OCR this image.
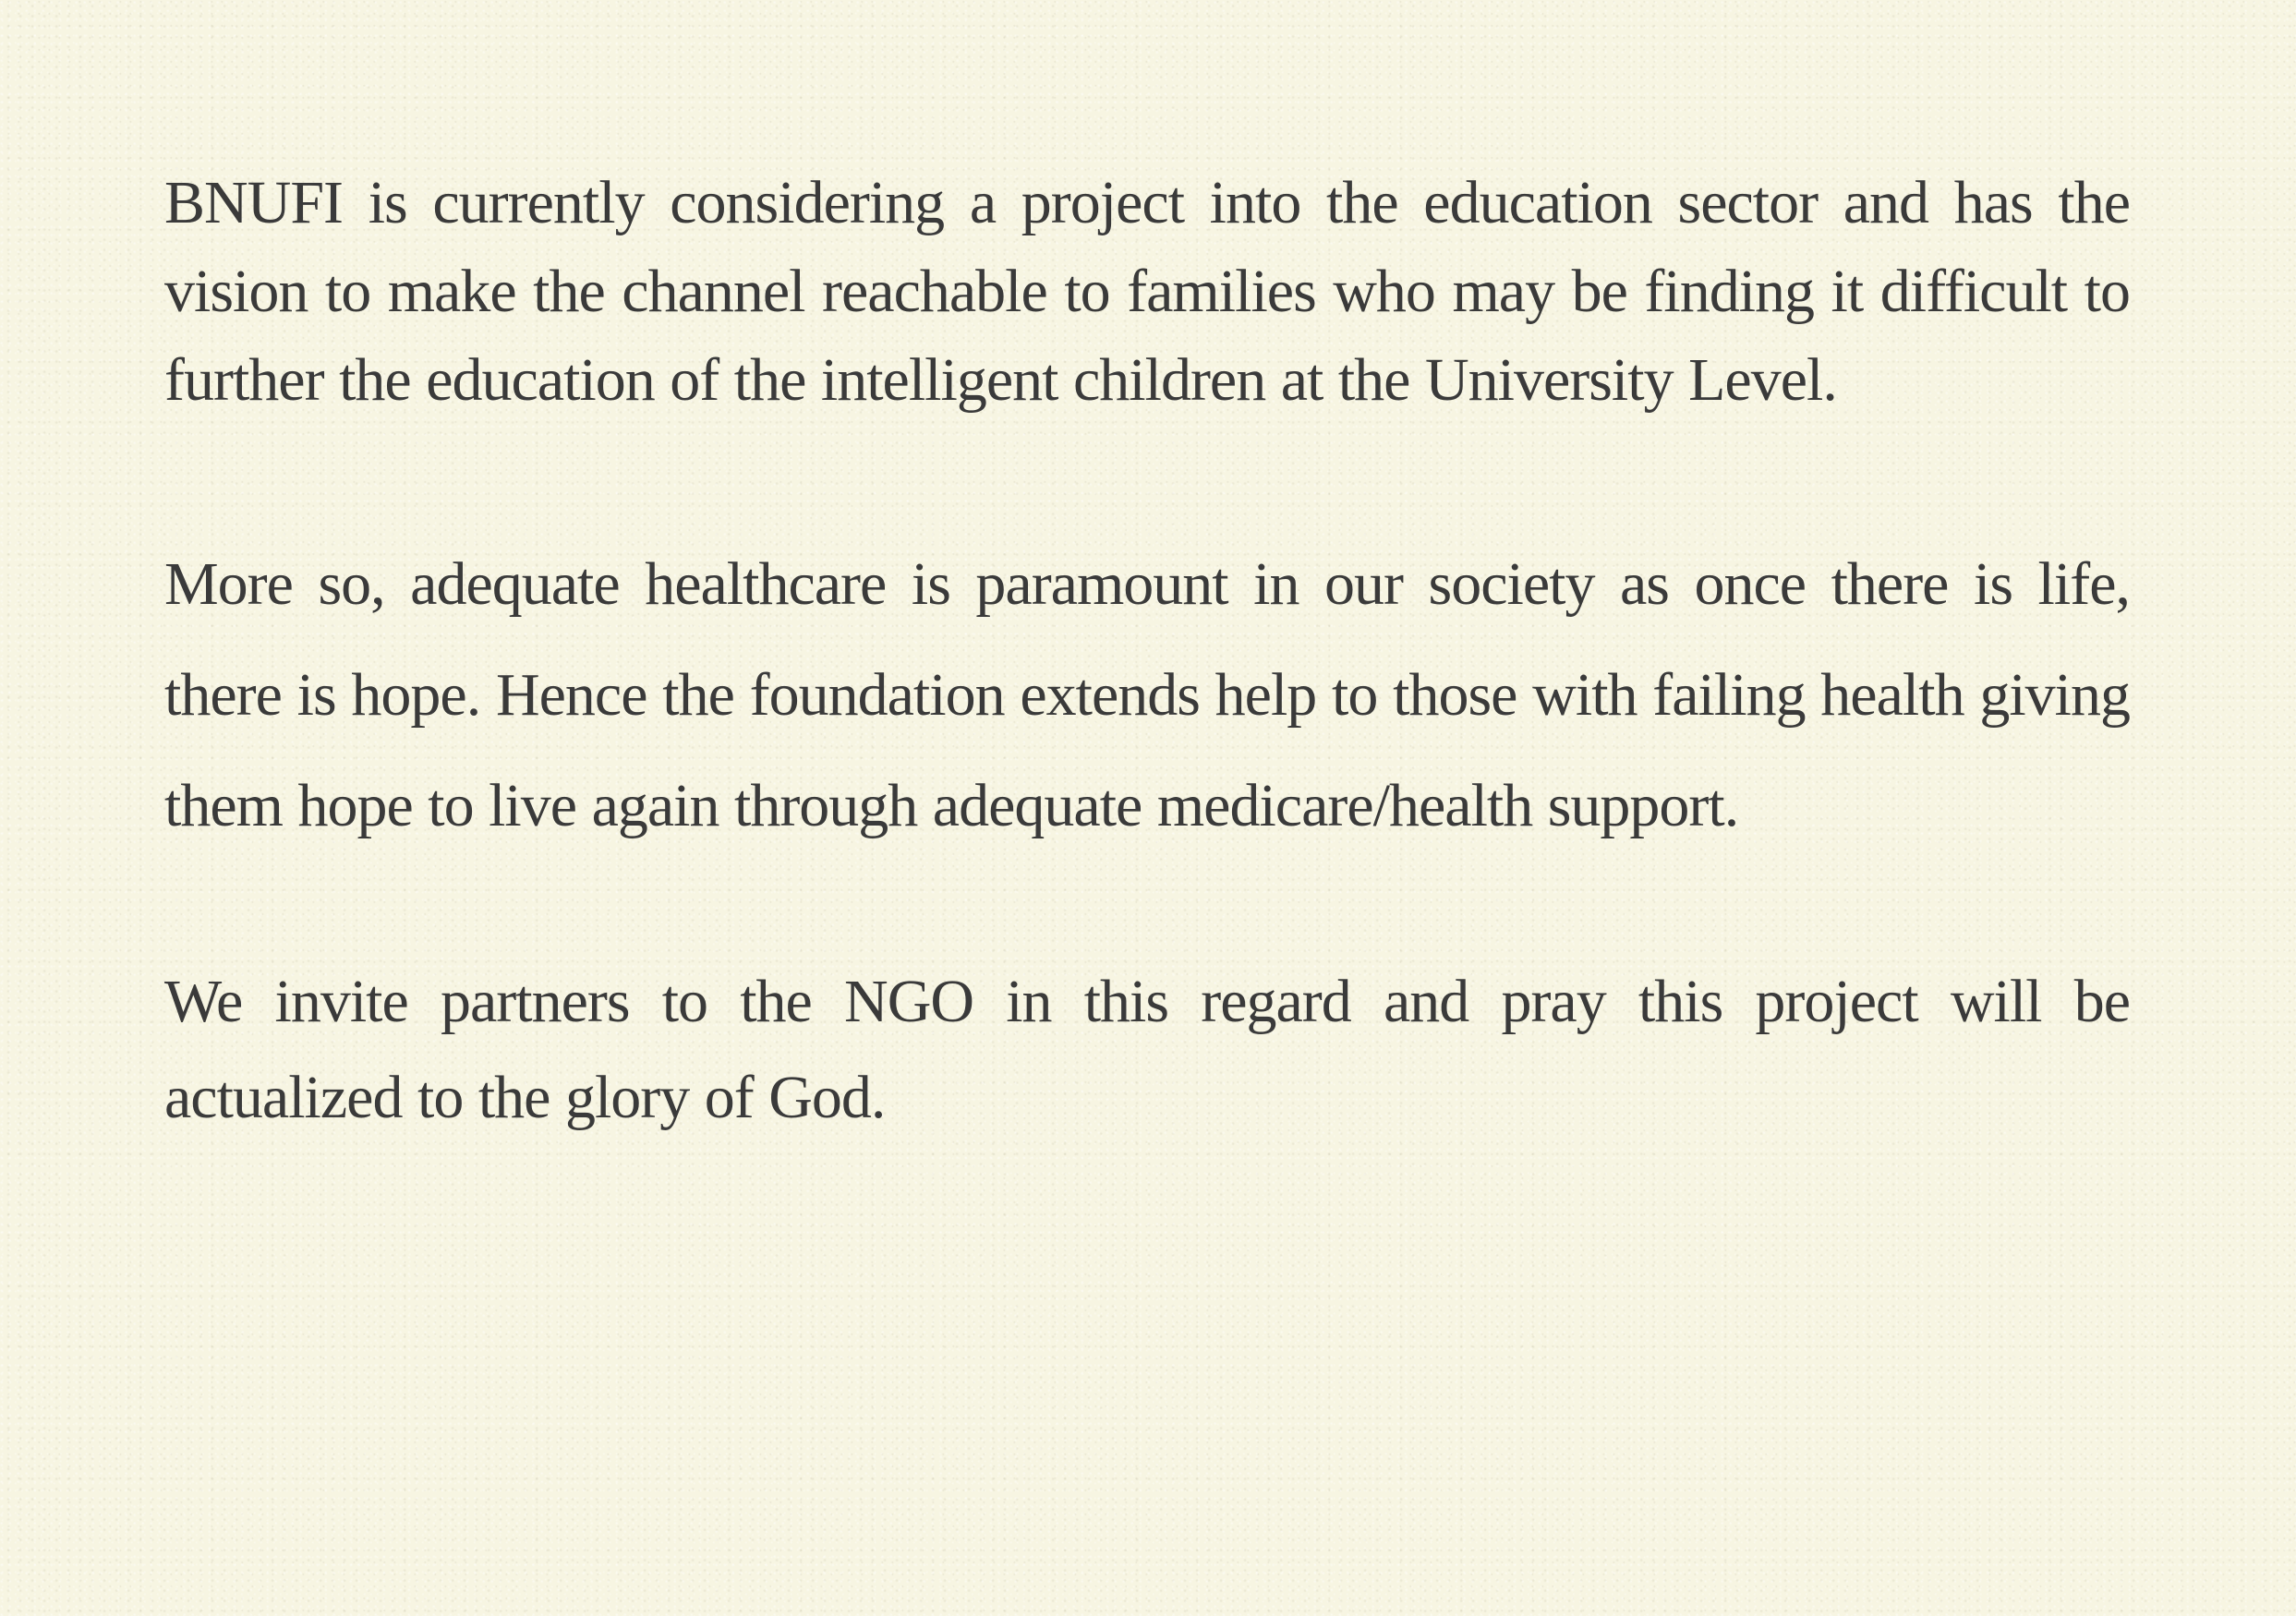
BNUFI is currently considering a project into the education sector and has the vision to make the channel reachable to families who may be finding it difficult to further the education of the intelligent children at the University Level.

More so, adequate healthcare is paramount in our society as once there is life, there is hope. Hence the foundation extends help to those with failing health giving them hope to live again through adequate medicare/health support.

We invite partners to the NGO in this regard and pray this project will be actualized to the glory of God.
